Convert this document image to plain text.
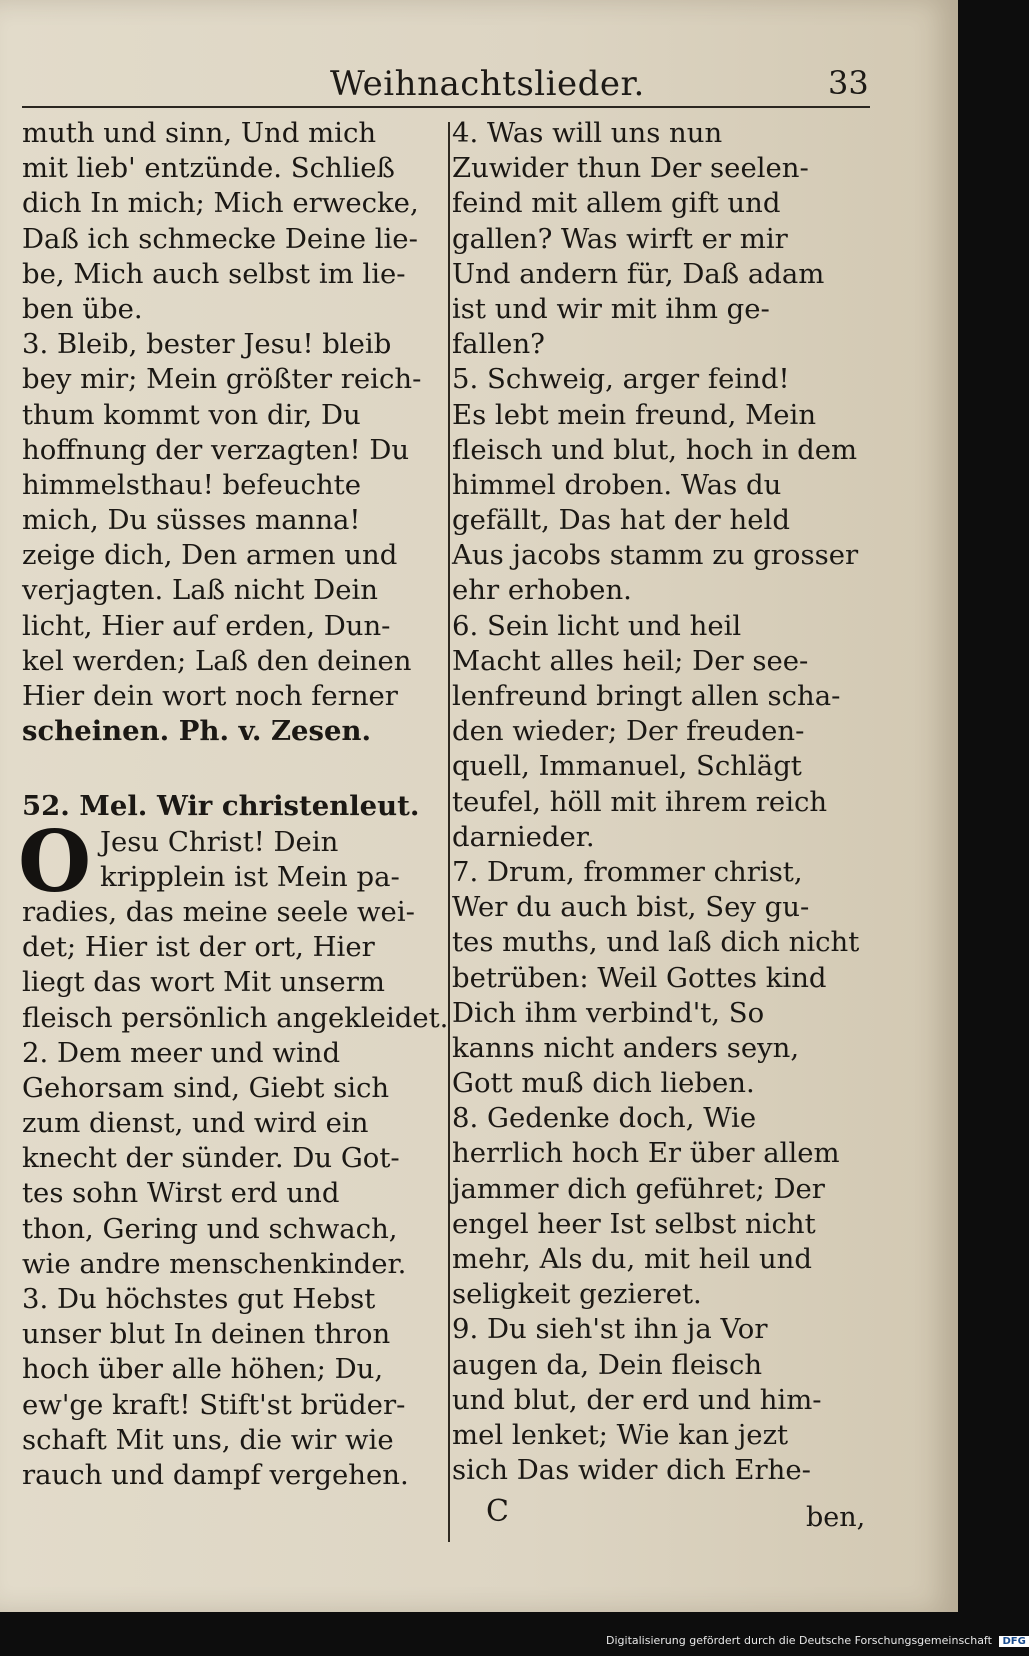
Weihnachtslieder.	33
muth und sinn, Und mich
mit lieb' entzünde. Schließ
dich In mich; Mich erwecke,
Daß ich schmecke Deine lie-
be, Mich auch selbst im lie-
ben übe.
3. Bleib, bester Jesu! bleib
bey mir; Mein größter reich-
thum kommt von dir, Du
hoffnung der verzagten! Du
himmelsthau! befeuchte
mich, Du süsses manna!
zeige dich, Den armen und
verjagten. Laß nicht Dein
licht, Hier auf erden, Dun-
kel werden; Laß den deinen
Hier dein wort noch ferner
scheinen. Ph. v. Zesen.
52. Mel. Wir christenleut.
O Jesu Christ! Dein
kripplein ist Mein pa-
radies, das meine seele wei-
det; Hier ist der ort, Hier
liegt das wort Mit unserm
fleisch persönlich angekleidet.
2. Dem meer und wind
Gehorsam sind, Giebt sich
zum dienst, und wird ein
knecht der sünder. Du Got-
tes sohn Wirst erd und
thon, Gering und schwach,
wie andre menschenkinder.
3. Du höchstes gut Hebst
unser blut In deinen thron
hoch über alle höhen; Du,
ew'ge kraft! Stift'st brüder-
schaft Mit uns, die wir wie
rauch und dampf vergehen.
4. Was will uns nun
Zuwider thun Der seelen-
feind mit allem gift und
gallen? Was wirft er mir
Und andern für, Daß adam
ist und wir mit ihm ge-
fallen?
5. Schweig, arger feind!
Es lebt mein freund, Mein
fleisch und blut, hoch in dem
himmel droben. Was du
gefällt, Das hat der held
Aus jacobs stamm zu grosser
ehr erhoben.
6. Sein licht und heil
Macht alles heil; Der see-
lenfreund bringt allen scha-
den wieder; Der freuden-
quell, Immanuel, Schlägt
teufel, höll mit ihrem reich
darnieder.
7. Drum, frommer christ,
Wer du auch bist, Sey gu-
tes muths, und laß dich nicht
betrüben: Weil Gottes kind
Dich ihm verbind't, So
kanns nicht anders seyn,
Gott muß dich lieben.
8. Gedenke doch, Wie
herrlich hoch Er über allem
jammer dich geführet; Der
engel heer Ist selbst nicht
mehr, Als du, mit heil und
seligkeit gezieret.
9. Du sieh'st ihn ja Vor
augen da, Dein fleisch
und blut, der erd und him-
mel lenket; Wie kan jezt
sich Das wider dich Erhe-
C	ben,
Digitalisierung gefördert durch die Deutsche Forschungsgemeinschaft DFG
